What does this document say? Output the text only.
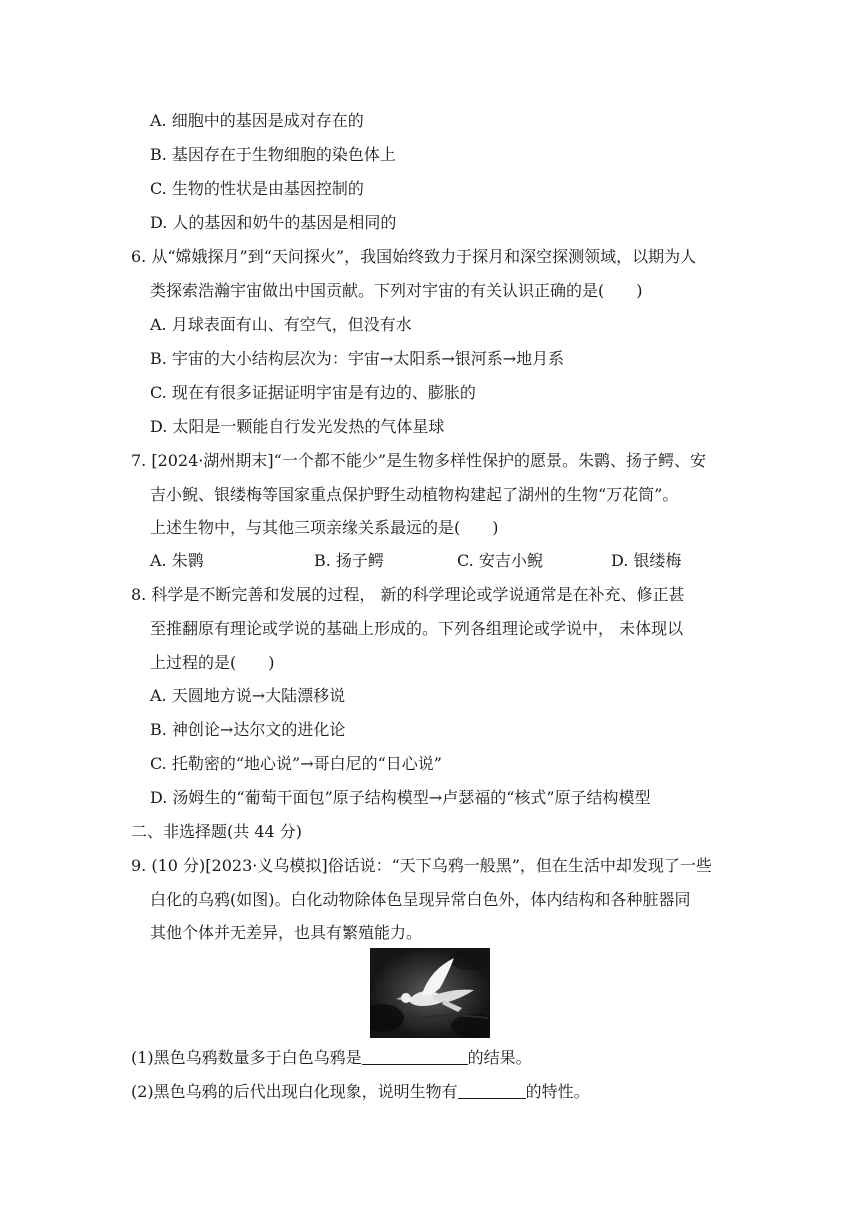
A. 细胞中的基因是成对存在的
B. 基因存在于生物细胞的染色体上
C. 生物的性状是由基因控制的
D. 人的基因和奶牛的基因是相同的
6. 从“嫦娥探月”到“天问探火”，我国始终致力于探月和深空探测领域，以期为人
类探索浩瀚宇宙做出中国贡献。下列对宇宙的有关认识正确的是(　　)
A. 月球表面有山、有空气，但没有水
B. 宇宙的大小结构层次为：宇宙→太阳系→银河系→地月系
C. 现在有很多证据证明宇宙是有边的、膨胀的
D. 太阳是一颗能自行发光发热的气体星球
7. [2024·湖州期末]“一个都不能少”是生物多样性保护的愿景。朱鹮、扬子鳄、安
吉小鲵、银缕梅等国家重点保护野生动植物构建起了湖州的生物“万花筒”。
上述生物中，与其他三项亲缘关系最远的是(　　)
A. 朱鹮	B. 扬子鳄	C. 安吉小鲵	D. 银缕梅
8. 科学是不断完善和发展的过程， 新的科学理论或学说通常是在补充、修正甚
至推翻原有理论或学说的基础上形成的。下列各组理论或学说中， 未体现以
上过程的是(　　)
A. 天圆地方说→大陆漂移说
B. 神创论→达尔文的进化论
C. 托勒密的“地心说”→哥白尼的“日心说”
D. 汤姆生的“葡萄干面包”原子结构模型→卢瑟福的“核式”原子结构模型
二、非选择题(共 44 分)
9. (10 分)[2023·义乌模拟]俗话说：“天下乌鸦一般黑”，但在生活中却发现了一些
白化的乌鸦(如图)。白化动物除体色呈现异常白色外，体内结构和各种脏器同
其他个体并无差异，也具有繁殖能力。
(1)黑色乌鸦数量多于白色乌鸦是	的结果。
(2)黑色乌鸦的后代出现白化现象，说明生物有	的特性。
